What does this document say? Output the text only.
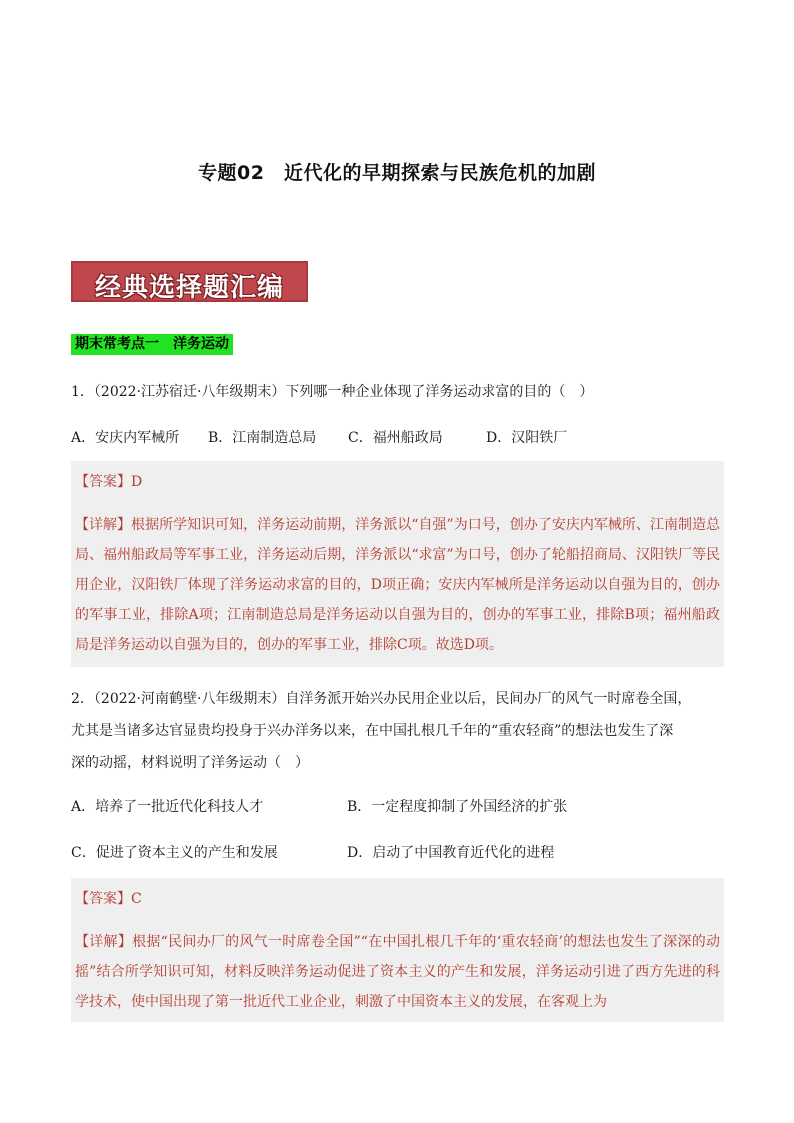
专题02　近代化的早期探索与民族危机的加剧
经典选择题汇编
期末常考点一　洋务运动
1．（2022·江苏宿迁·八年级期末）下列哪一种企业体现了洋务运动求富的目的（　）
A．安庆内军械所 B．江南制造总局 C．福州船政局	D．汉阳铁厂
【答案】D
【详解】根据所学知识可知，洋务运动前期，洋务派以“自强”为口号，创办了安庆内军械所、江南制造总局、福州船政局等军事工业，洋务运动后期，洋务派以“求富”为口号，创办了轮船招商局、汉阳铁厂等民用企业，汉阳铁厂体现了洋务运动求富的目的，D项正确；安庆内军械所是洋务运动以自强为目的，创办的军事工业，排除A项；江南制造总局是洋务运动以自强为目的，创办的军事工业，排除B项；福州船政局是洋务运动以自强为目的，创办的军事工业，排除C项。故选D项。
2．（2022·河南鹤壁·八年级期末）自洋务派开始兴办民用企业以后，民间办厂的风气一时席卷全国，
尤其是当诸多达官显贵均投身于兴办洋务以来，在中国扎根几千年的“重农轻商”的想法也发生了深
深的动摇，材料说明了洋务运动（　）
A．培养了一批近代化科技人才	B．一定程度抑制了外国经济的扩张
C．促进了资本主义的产生和发展	D．启动了中国教育近代化的进程
【答案】C
【详解】根据“民间办厂的风气一时席卷全国”“在中国扎根几千年的‘重农轻商’的想法也发生了深深的动摇”结合所学知识可知，材料反映洋务运动促进了资本主义的产生和发展，洋务运动引进了西方先进的科学技术，使中国出现了第一批近代工业企业，刺激了中国资本主义的发展，在客观上为
